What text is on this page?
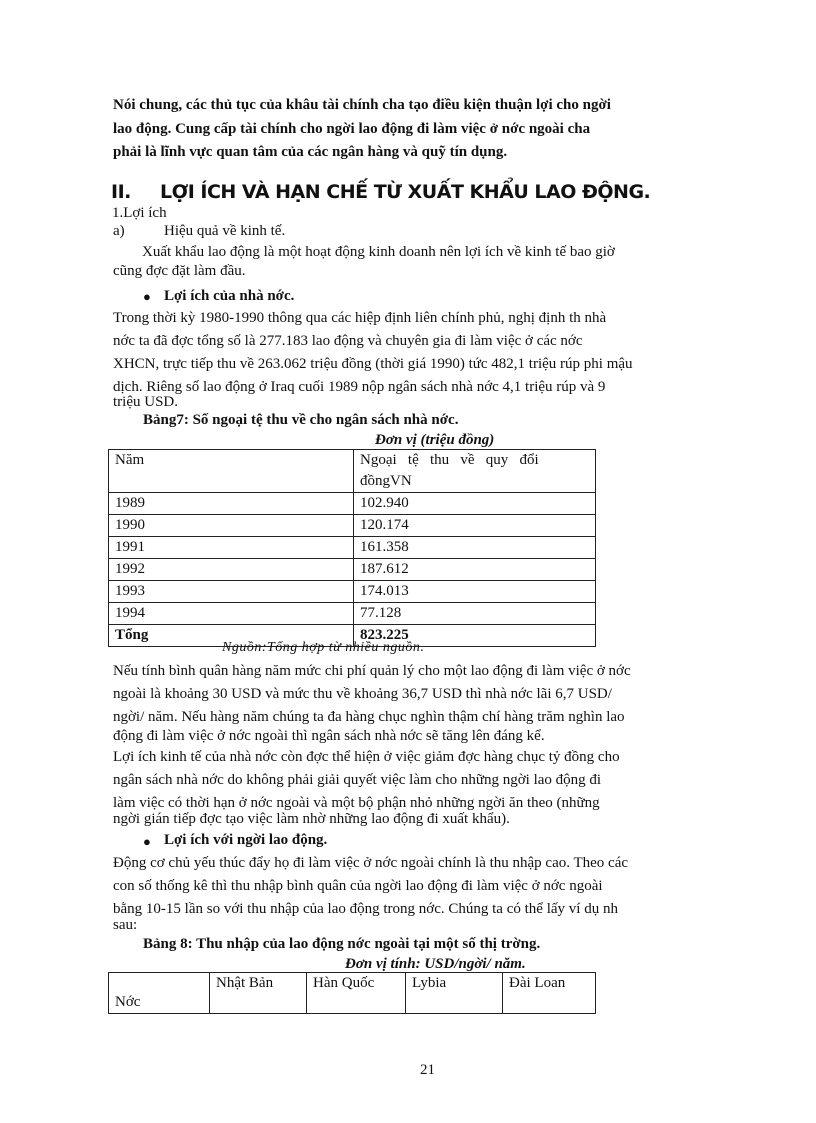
Nói chung, các thủ tục của khâu tài chính cha tạo điều kiện thuận lợi cho ngời
lao động. Cung cấp tài chính cho ngời lao động đi làm việc ở nớc ngoài cha
phải là lĩnh vực quan tâm của các ngân hàng và quỹ tín dụng.
II. LỢI ÍCH VÀ HẠN CHẾ TỪ XUẤT KHẨU LAO ĐỘNG.
1.Lợi ích
a)	Hiệu quả về kinh tế.
Xuất khẩu lao động là một hoạt động kinh doanh nên lợi ích về kinh tế bao giờ
cũng đợc đặt làm đầu.
● Lợi ích của nhà nớc.
Trong thời kỳ 1980-1990 thông qua các hiệp định liên chính phủ, nghị định th nhà
nớc ta đã đợc tổng số là 277.183 lao động và chuyên gia đi làm việc ở các nớc
XHCN, trực tiếp thu về 263.062 triệu đồng (thời giá 1990) tức 482,1 triệu rúp phi mậu
dịch. Riêng số lao động ở Iraq cuối 1989 nộp ngân sách nhà nớc 4,1 triệu rúp và 9
triệu USD.
Bảng7: Số ngoại tệ thu về cho ngân sách nhà nớc.
Đơn vị (triệu đồng)
Năm	Ngoại   tệ   thu   về   quy   đổi
đồngVN

1989	102.940
1990	120.174
1991	161.358
1992	187.612
1993	174.013
1994	77.128
Tổng	823.225
Nguồn:Tổng hợp từ nhiều nguồn.
Nếu tính bình quân hàng năm mức chi phí quản lý cho một lao động đi làm việc ở nớc
ngoài là khoảng 30 USD và mức thu về khoảng 36,7 USD thì nhà nớc lãi 6,7 USD/
ngời/ năm. Nếu hàng năm chúng ta đa hàng chục nghìn thậm chí hàng trăm nghìn lao
động đi làm việc ở nớc ngoài thì ngân sách nhà nớc sẽ tăng lên đáng kể.
Lợi ích kinh tế của nhà nớc còn đợc thể hiện ở việc giảm đợc hàng chục tỷ đồng cho
ngân sách nhà nớc do không phải giải quyết việc làm cho những ngời lao động đi
làm việc có thời hạn ở nớc ngoài và một bộ phận nhỏ những ngời ăn theo (những
ngời gián tiếp đợc tạo việc làm nhờ những lao động đi xuất khẩu).
● Lợi ích với ngời lao động.
Động cơ chủ yếu thúc đẩy họ đi làm việc ở nớc ngoài chính là thu nhập cao. Theo các
con số thống kê thì thu nhập bình quân của ngời lao động đi làm việc ở nớc ngoài
bằng 10-15 lần so với thu nhập của lao động trong nớc. Chúng ta có thể lấy ví dụ nh
sau:
Bảng 8: Thu nhập của lao động nớc ngoài tại một số thị trờng.
Đơn vị tính: USD/ngời/ năm.
Nớc	Nhật Bản	Hàn Quốc	Lybia	Đài Loan
21
